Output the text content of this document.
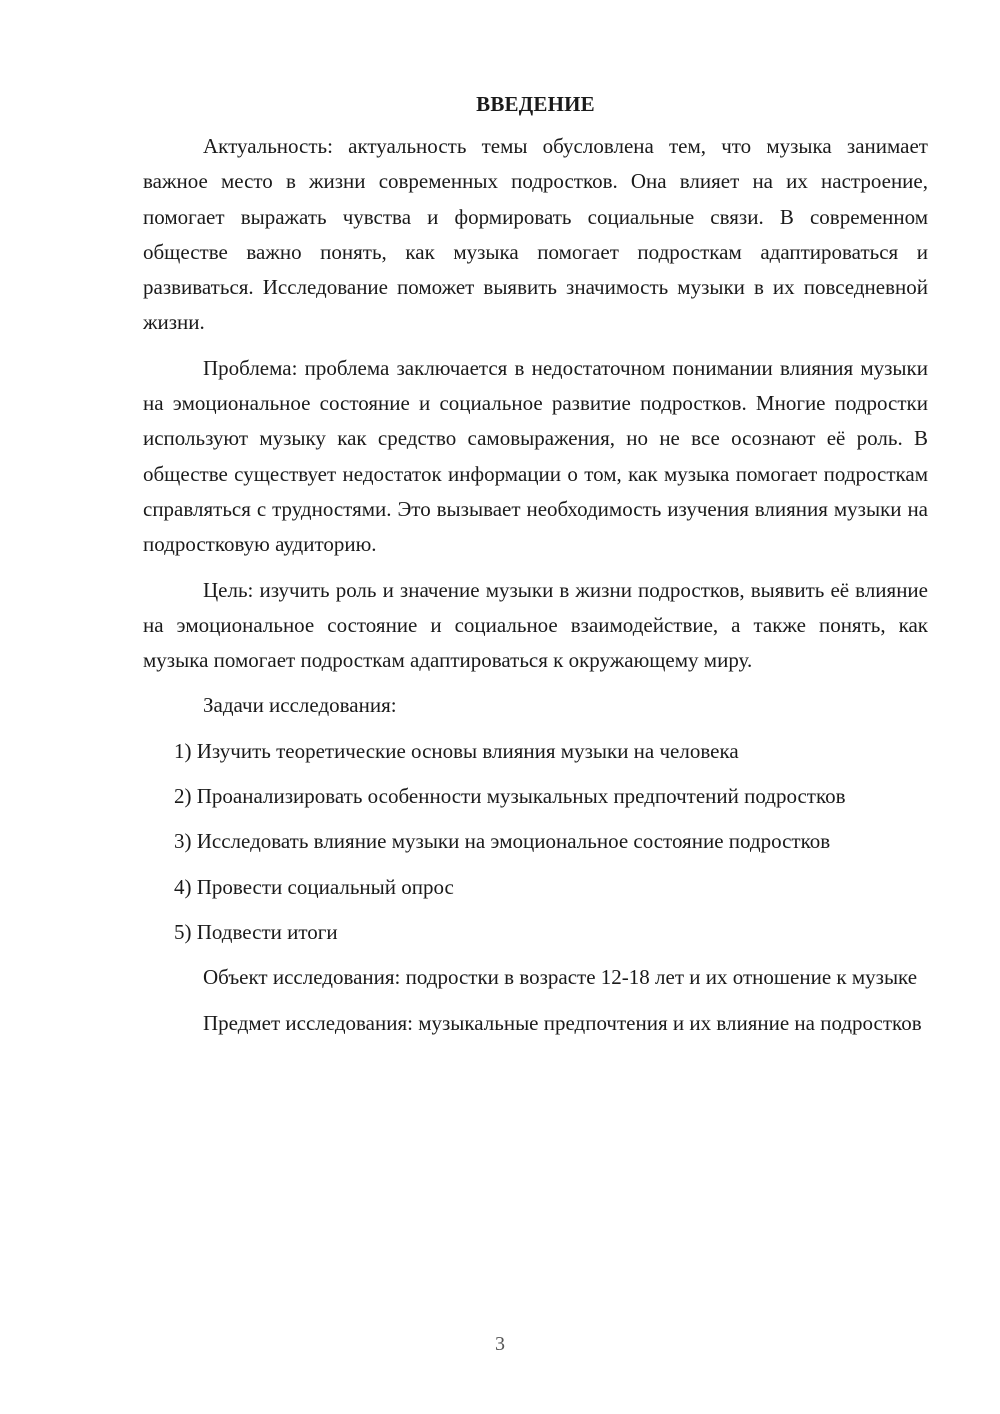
ВВЕДЕНИЕ

Актуальность: актуальность темы обусловлена тем, что музыка занимает важное место в жизни современных подростков. Она влияет на их настроение, помогает выражать чувства и формировать социальные связи. В современном обществе важно понять, как музыка помогает подросткам адаптироваться и развиваться. Исследование поможет выявить значимость музыки в их повседневной жизни.

Проблема: проблема заключается в недостаточном понимании влияния музыки на эмоциональное состояние и социальное развитие подростков. Многие подростки используют музыку как средство самовыражения, но не все осознают её роль. В обществе существует недостаток информации о том, как музыка помогает подросткам справляться с трудностями. Это вызывает необходимость изучения влияния музыки на подростковую аудиторию.

Цель: изучить роль и значение музыки в жизни подростков, выявить её влияние на эмоциональное состояние и социальное взаимодействие, а также понять, как музыка помогает подросткам адаптироваться к окружающему миру.

Задачи исследования:

1) Изучить теоретические основы влияния музыки на человека

2) Проанализировать особенности музыкальных предпочтений подростков

3) Исследовать влияние музыки на эмоциональное состояние подростков

4) Провести социальный опрос

5) Подвести итоги

Объект исследования: подростки в возрасте 12-18 лет и их отношение к музыке

Предмет исследования: музыкальные предпочтения и их влияние на подростков

3
